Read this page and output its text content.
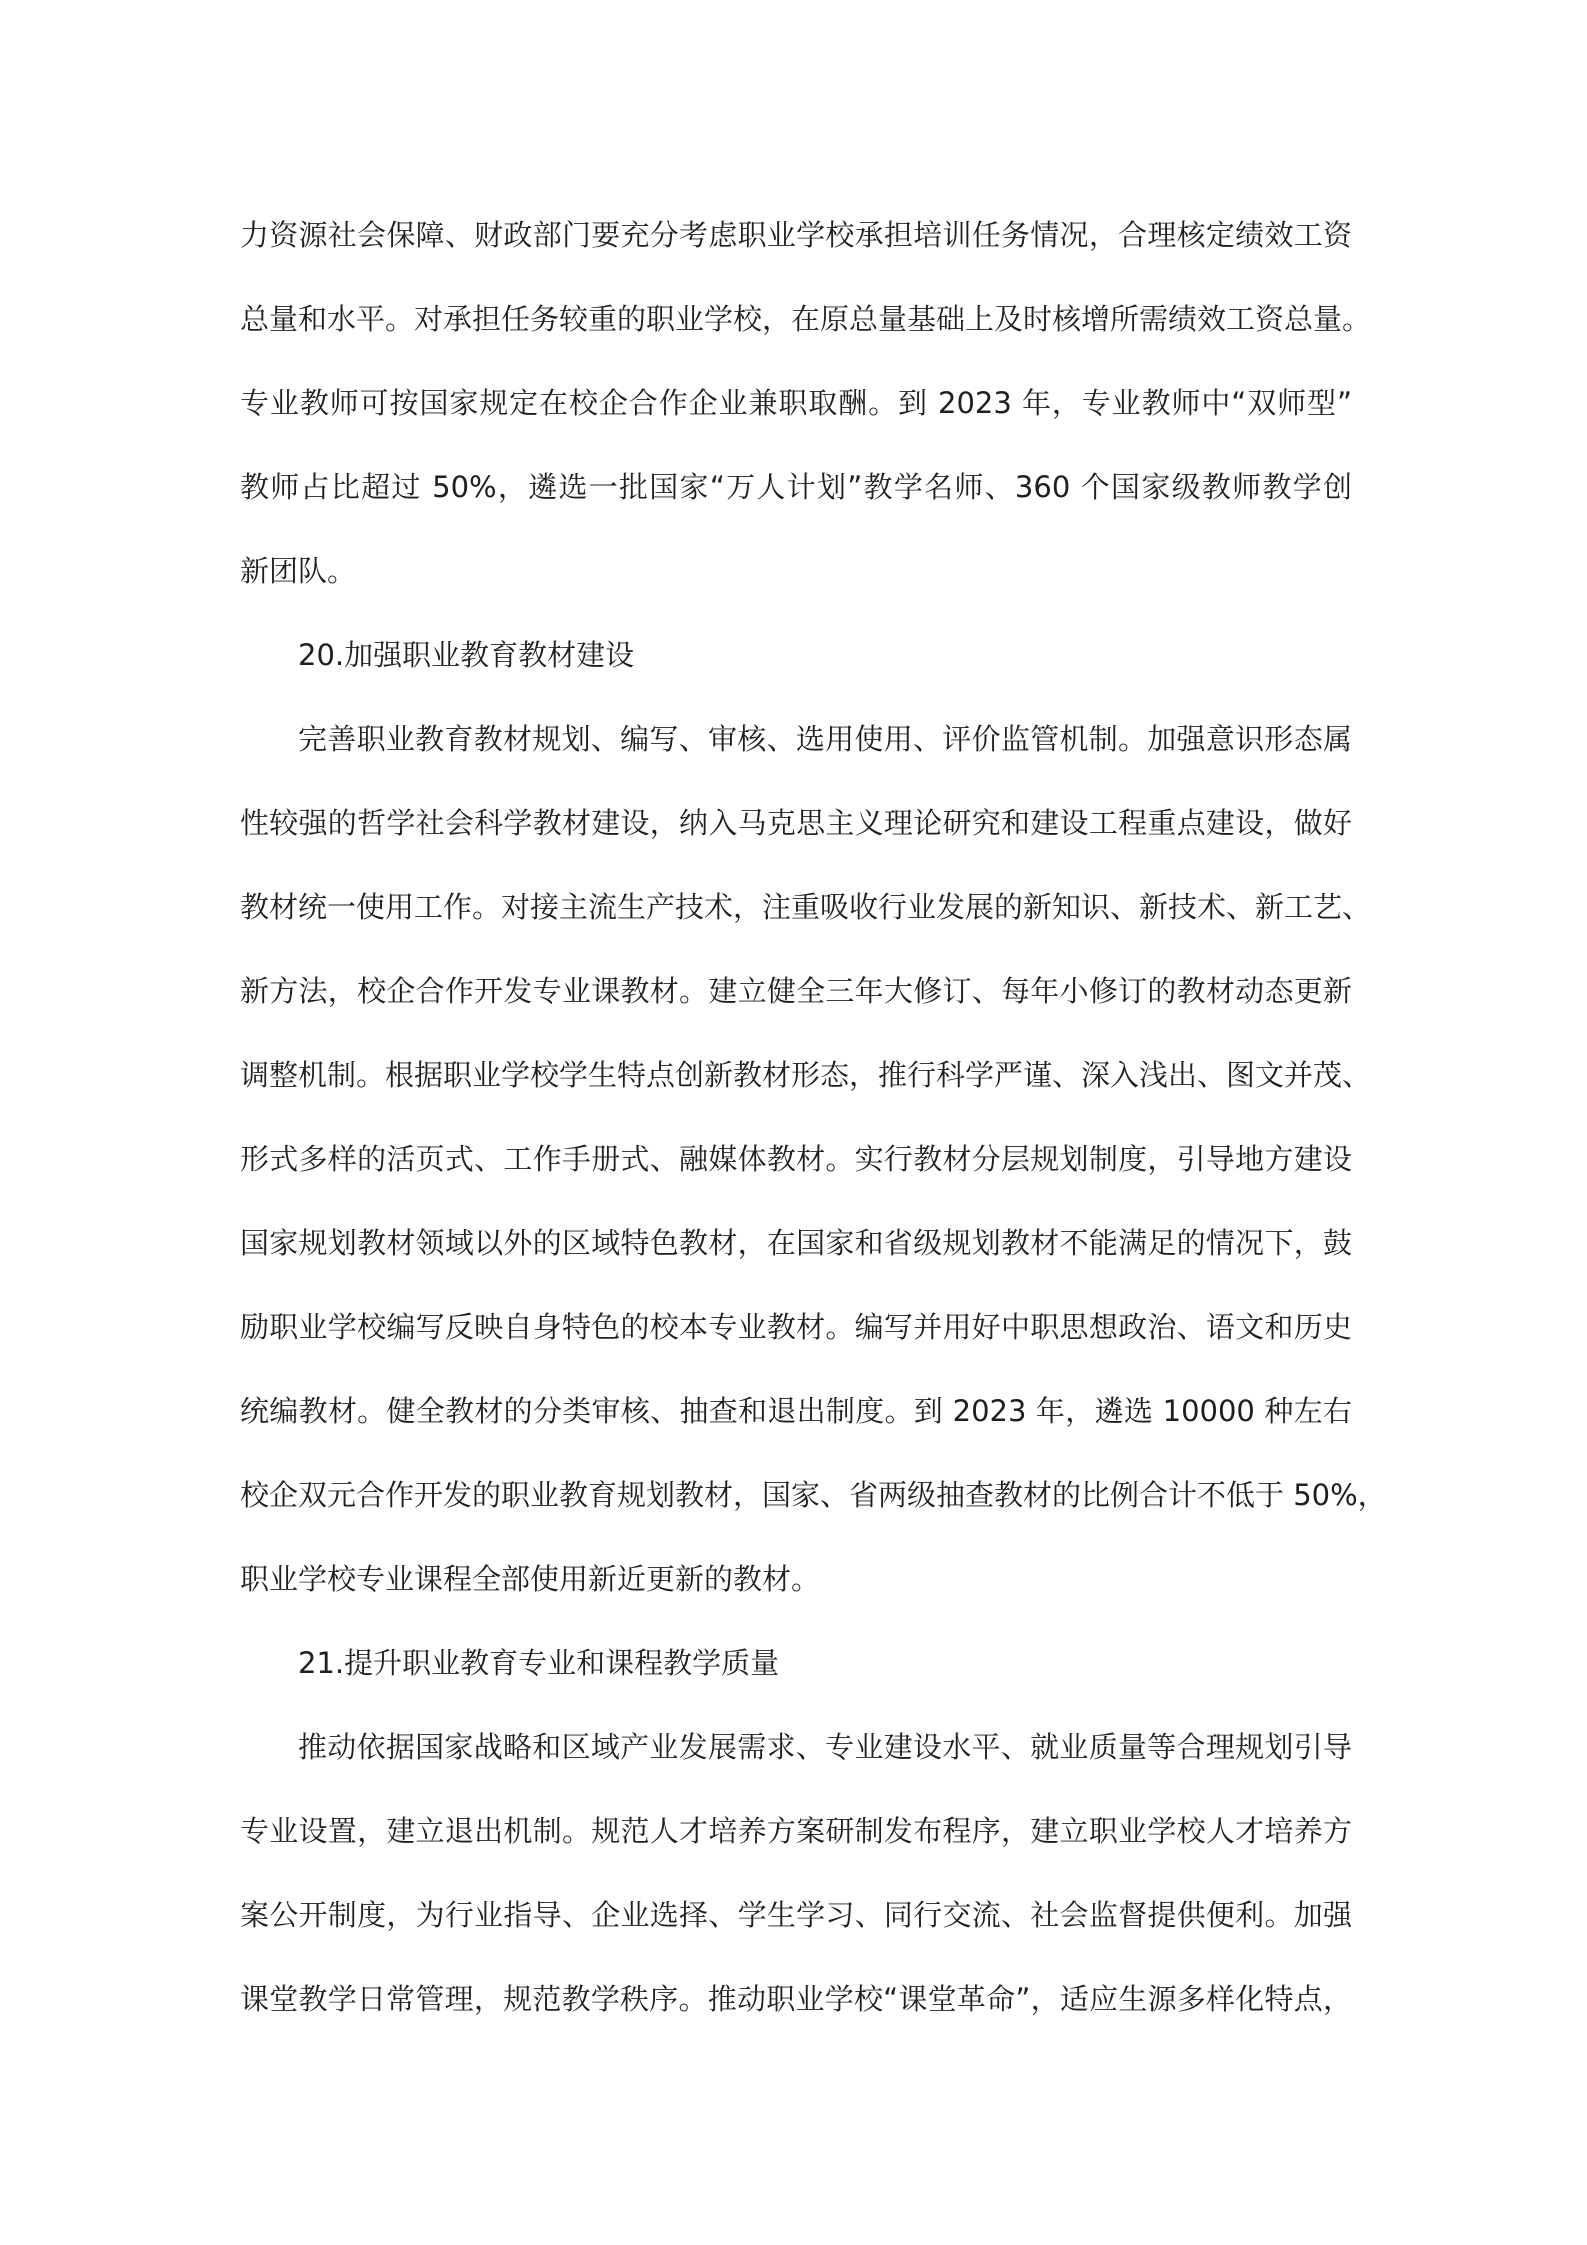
力资源社会保障、财政部门要充分考虑职业学校承担培训任务情况，合理核定绩效工资
总量和水平。对承担任务较重的职业学校，在原总量基础上及时核增所需绩效工资总量。
专业教师可按国家规定在校企合作企业兼职取酬。到 2023 年，专业教师中“双师型”
教师占比超过 50%，遴选一批国家“万人计划”教学名师、360 个国家级教师教学创
新团队。
20.加强职业教育教材建设
完善职业教育教材规划、编写、审核、选用使用、评价监管机制。加强意识形态属
性较强的哲学社会科学教材建设，纳入马克思主义理论研究和建设工程重点建设，做好
教材统一使用工作。对接主流生产技术，注重吸收行业发展的新知识、新技术、新工艺、
新方法，校企合作开发专业课教材。建立健全三年大修订、每年小修订的教材动态更新
调整机制。根据职业学校学生特点创新教材形态，推行科学严谨、深入浅出、图文并茂、
形式多样的活页式、工作手册式、融媒体教材。实行教材分层规划制度，引导地方建设
国家规划教材领域以外的区域特色教材，在国家和省级规划教材不能满足的情况下，鼓
励职业学校编写反映自身特色的校本专业教材。编写并用好中职思想政治、语文和历史
统编教材。健全教材的分类审核、抽查和退出制度。到 2023 年，遴选 10000 种左右
校企双元合作开发的职业教育规划教材，国家、省两级抽查教材的比例合计不低于 50%，
职业学校专业课程全部使用新近更新的教材。
21.提升职业教育专业和课程教学质量
推动依据国家战略和区域产业发展需求、专业建设水平、就业质量等合理规划引导
专业设置，建立退出机制。规范人才培养方案研制发布程序，建立职业学校人才培养方
案公开制度，为行业指导、企业选择、学生学习、同行交流、社会监督提供便利。加强
课堂教学日常管理，规范教学秩序。推动职业学校“课堂革命”，适应生源多样化特点，
